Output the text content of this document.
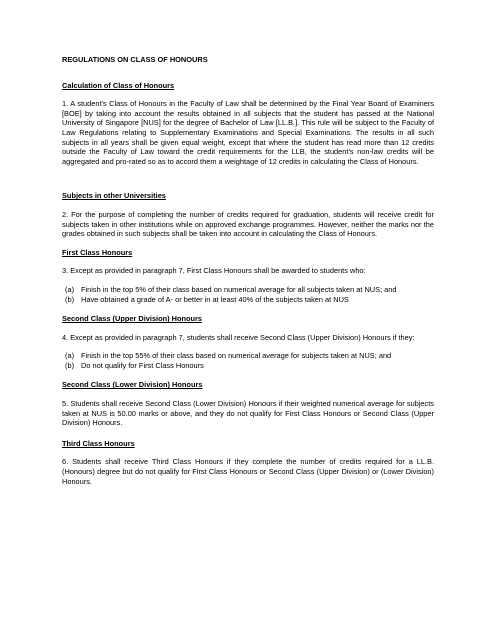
REGULATIONS ON CLASS OF HONOURS
Calculation of Class of Honours
1. A student's Class of Honours in the Faculty of Law shall be determined by the Final Year Board of Examiners [BOE] by taking into account the results obtained in all subjects that the student has passed at the National University of Singapore [NUS] for the degree of Bachelor of Law [LL.B.]. This rule will be subject to the Faculty of Law Regulations relating to Supplementary Examinations and Special Examinations. The results in all such subjects in all years shall be given equal weight, except that where the student has read more than 12 credits outside the Faculty of Law toward the credit requirements for the LLB, the student's non-law credits will be aggregated and pro-rated so as to accord them a weightage of 12 credits in calculating the Class of Honours.
Subjects in other Universities
2. For the purpose of completing the number of credits required for graduation, students will receive credit for subjects taken in other institutions while on approved exchange programmes. However, neither the marks nor the grades obtained in such subjects shall be taken into account in calculating the Class of Honours.
First Class Honours
3. Except as provided in paragraph 7, First Class Honours shall be awarded to students who:
(a) Finish in the top 5% of their class based on numerical average for all subjects taken at NUS; and
(b) Have obtained a grade of A- or better in at least 40% of the subjects taken at NUS
Second Class (Upper Division) Honours
4. Except as provided in paragraph 7, students shall receive Second Class (Upper Division) Honours if they:
(a) Finish in the top 55% of their class based on numerical average for subjects taken at NUS; and
(b) Do not qualify for First Class Honours
Second Class (Lower Division) Honours
5. Students shall receive Second Class (Lower Division) Honours if their weighted numerical average for subjects taken at NUS is 50.00 marks or above, and they do not qualify for First Class Honours or Second Class (Upper Division) Honours.
Third Class Honours
6. Students shall receive Third Class Honours if they complete the number of credits required for a LL.B. (Honours) degree but do not qualify for First Class Honours or Second Class (Upper Division) or (Lower Division) Honours.
